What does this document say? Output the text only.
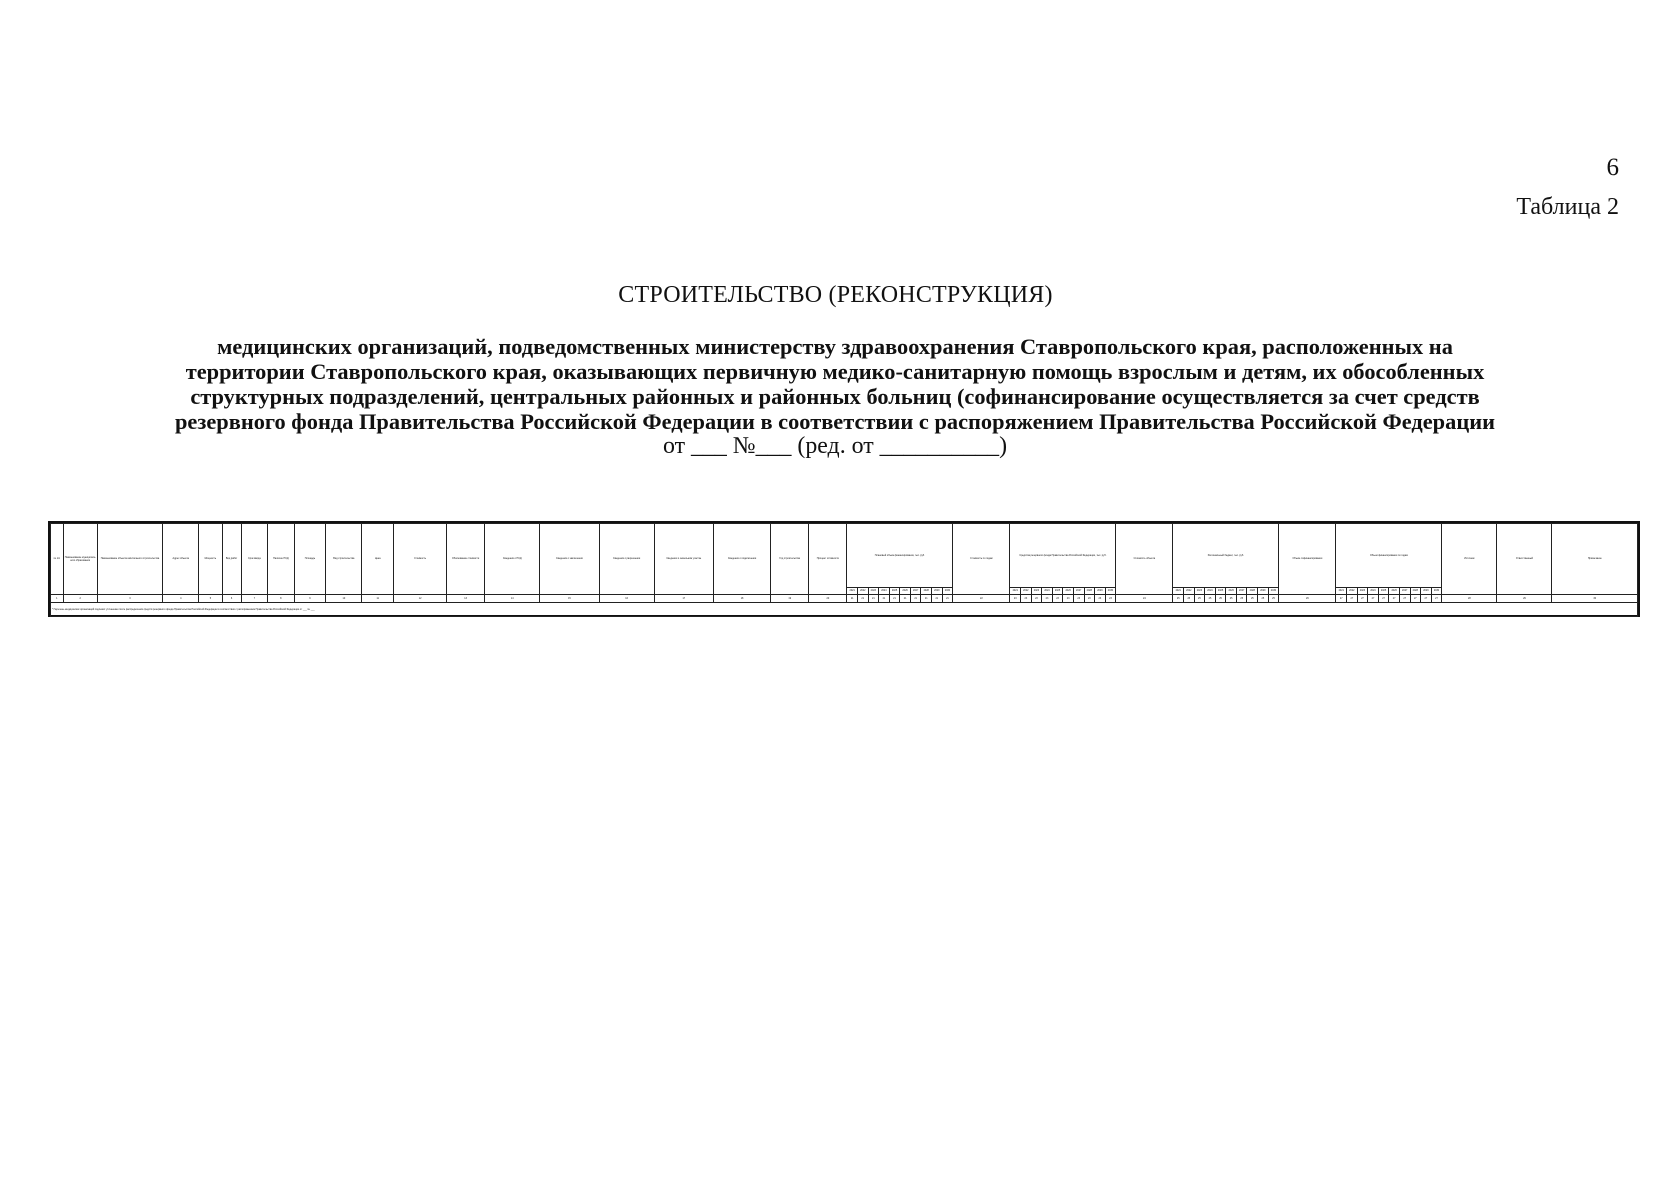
6
Таблица 2
СТРОИТЕЛЬСТВО (РЕКОНСТРУКЦИЯ)
медицинских организаций, подведомственных министерству здравоохранения Ставропольского края, расположенных на
территории Ставропольского края, оказывающих первичную медико-санитарную помощь взрослым и детям, их обособленных
структурных подразделений, центральных районных и районных больниц (софинансирование осуществляется за счет средств
резервного фонда Правительства Российской Федерации в соответствии с распоряжением Правительства Российской Федерации
от ___ №___ (ред. от __________)
№ п/п	Наименование муниципального образования	Наименование объекта капитального строительства	Адрес объекта	Мощность	Вид работ	Срок ввода	Наличие ПСД	Площадь	Вид строительства	Цена	Стоимость	Обоснование стоимости	Сведения о ПСД	Сведения о заключении	Сведения о разрешении	Сведения о земельном участке	Сведения о подключении	Год строительства	Процент готовности	Плановый объем финансирования, тыс. руб.	Стоимость по годам	Средства резервного фонда Правительства Российской Федерации, тыс. руб.	Стоимость объекта	Региональный бюджет, тыс. руб.	Объем софинансирования	Объем финансирования по годам	Источник	Ответственный	Примечание
2021	2022	2023	2024	2025	2026	2027	2028	2029	2030	2021	2022	2023	2024	2025	2026	2027	2028	2029	2030	2021	2022	2023	2024	2025	2026	2027	2028	2029	2030	2021	2022	2023	2024	2025	2026	2027	2028	2029	2030
1	2	3	4	5	6	7	8	9	10	11	12	13	14	15	16	17	18	19	20	21	21	21	21	21	21	21	21	21	21	22	23	23	23	23	23	23	23	23	23	23	24	25	25	25	25	25	25	25	25	25	25	26	27	27	27	27	27	27	27	27	27	27	28	29	30
* Перечень медицинских организаций подлежит уточнению после распределения средств резервного фонда Правительства Российской Федерации в соответствии с распоряжением Правительства Российской Федерации от ___ № ___
